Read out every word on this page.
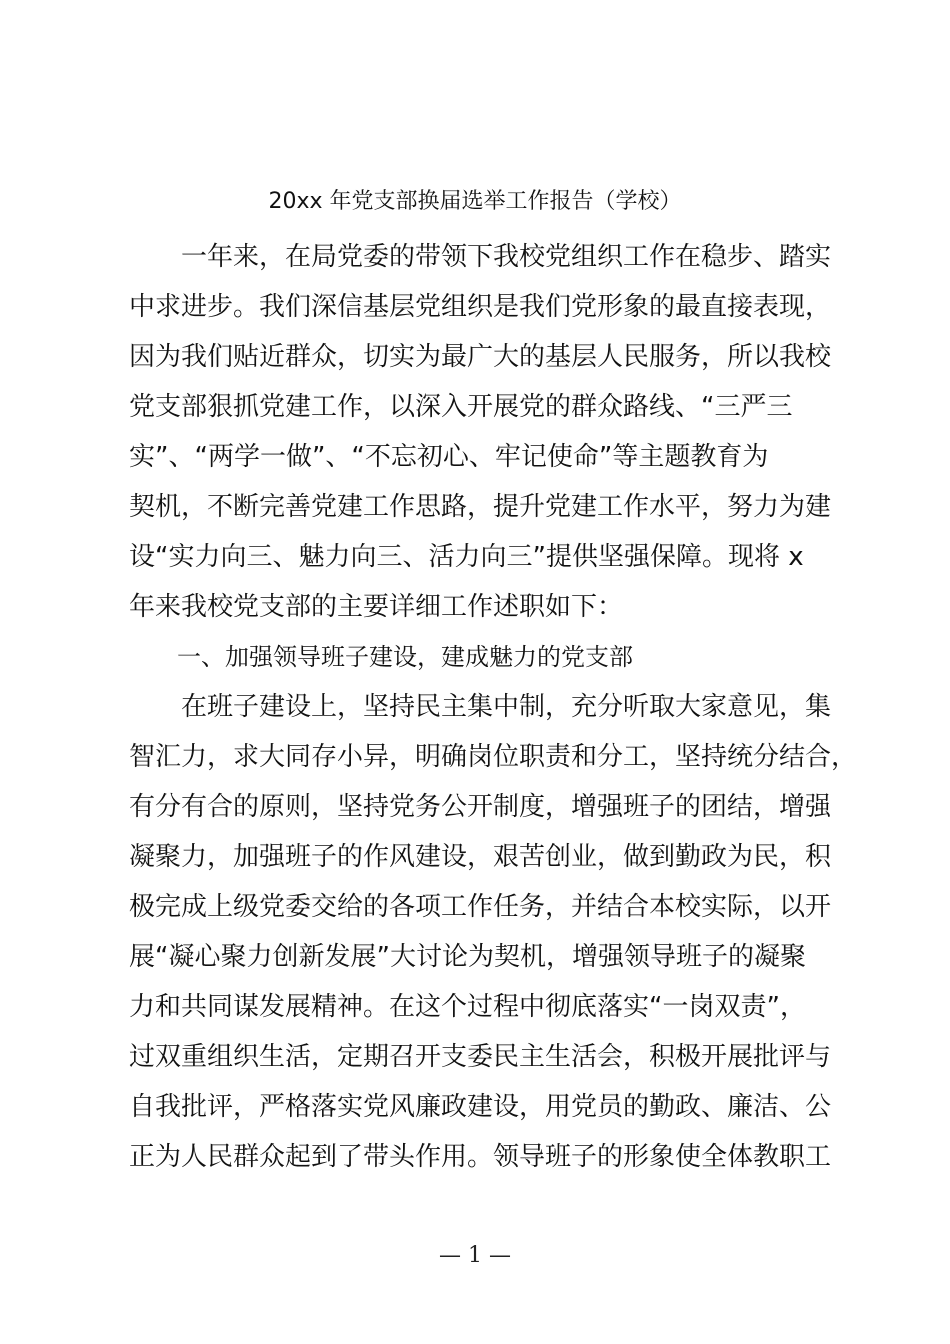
20xx 年党支部换届选举工作报告（学校）
　　一年来，在局党委的带领下我校党组织工作在稳步、踏实
中求进步。我们深信基层党组织是我们党形象的最直接表现，
因为我们贴近群众，切实为最广大的基层人民服务，所以我校
党支部狠抓党建工作，以深入开展党的群众路线、“三严三
实”、“两学一做”、“不忘初心、牢记使命”等主题教育为
契机，不断完善党建工作思路，提升党建工作水平，努力为建
设“实力向三、魅力向三、活力向三”提供坚强保障。现将 x
年来我校党支部的主要详细工作述职如下：
　　一、加强领导班子建设，建成魅力的党支部
　　在班子建设上，坚持民主集中制，充分听取大家意见，集
智汇力，求大同存小异，明确岗位职责和分工，坚持统分结合，
有分有合的原则，坚持党务公开制度，增强班子的团结，增强
凝聚力，加强班子的作风建设，艰苦创业，做到勤政为民，积
极完成上级党委交给的各项工作任务，并结合本校实际，以开
展“凝心聚力创新发展”大讨论为契机，增强领导班子的凝聚
力和共同谋发展精神。在这个过程中彻底落实“一岗双责”，
过双重组织生活，定期召开支委民主生活会，积极开展批评与
自我批评，严格落实党风廉政建设，用党员的勤政、廉洁、公
正为人民群众起到了带头作用。领导班子的形象使全体教职工
— 1 —
